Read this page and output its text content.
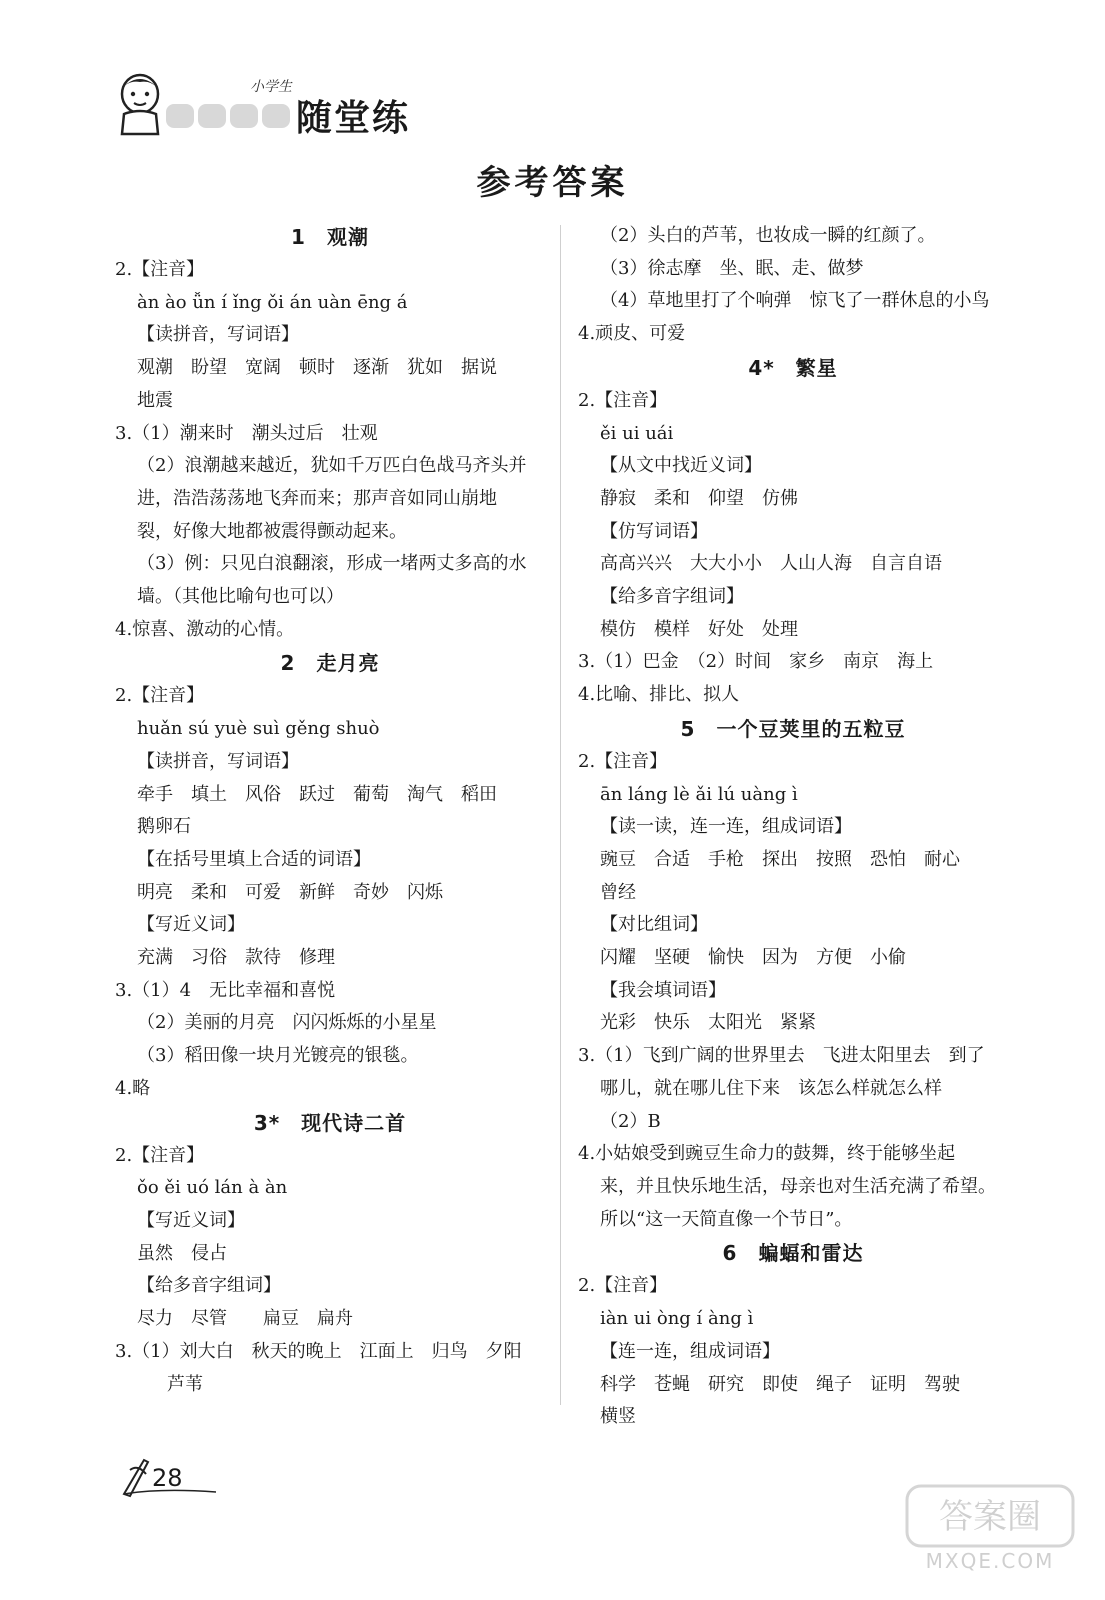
小学生
随堂练
参考答案

1　观潮

2.【注音】

àn ào ǚn í ǐng ǒi án uàn ēng á

【读拼音，写词语】

观潮　盼望　宽阔　顿时　逐渐　犹如　据说

地震

3.（1）潮来时　潮头过后　壮观

（2）浪潮越来越近，犹如千万匹白色战马齐头并

进，浩浩荡荡地飞奔而来；那声音如同山崩地

裂，好像大地都被震得颤动起来。

（3）例：只见白浪翻滚，形成一堵两丈多高的水

墙。（其他比喻句也可以）

4.惊喜、激动的心情。

2　走月亮

2.【注音】

huǎn sú yuè suì gěng shuò

【读拼音，写词语】

牵手　填土　风俗　跃过　葡萄　淘气　稻田

鹅卵石

【在括号里填上合适的词语】

明亮　柔和　可爱　新鲜　奇妙　闪烁

【写近义词】

充满　习俗　款待　修理

3.（1）4　无比幸福和喜悦

（2）美丽的月亮　闪闪烁烁的小星星

（3）稻田像一块月光镀亮的银毯。

4.略

3*　现代诗二首

2.【注音】

ǒo ěi uó lán à àn

【写近义词】

虽然　侵占

【给多音字组词】

尽力　尽管　　扁豆　扁舟

3.（1）刘大白　秋天的晚上　江面上　归鸟　夕阳

芦苇

（2）头白的芦苇，也妆成一瞬的红颜了。

（3）徐志摩　坐、眠、走、做梦

（4）草地里打了个响弹　惊飞了一群休息的小鸟

4.顽皮、可爱

4*　繁星

2.【注音】

ěi ui uái

【从文中找近义词】

静寂　柔和　仰望　仿佛

【仿写词语】

高高兴兴　大大小小　人山人海　自言自语

【给多音字组词】

模仿　模样　好处　处理

3.（1）巴金　（2）时间　家乡　南京　海上

4.比喻、排比、拟人

5　一个豆荚里的五粒豆

2.【注音】

ān láng lè ǎi lú uàng ì

【读一读，连一连，组成词语】

豌豆　合适　手枪　探出　按照　恐怕　耐心

曾经

【对比组词】

闪耀　坚硬　愉快　因为　方便　小偷

【我会填词语】

光彩　快乐　太阳光　紧紧

3.（1）飞到广阔的世界里去　飞进太阳里去　到了

哪儿，就在哪儿住下来　该怎么样就怎么样

（2）B

4.小姑娘受到豌豆生命力的鼓舞，终于能够坐起

来，并且快乐地生活，母亲也对生活充满了希望。

所以“这一天简直像一个节日”。

6　蝙蝠和雷达

2.【注音】

iàn ui òng í àng ì

【连一连，组成词语】

科学　苍蝇　研究　即使　绳子　证明　驾驶

横竖

28
答案圈
MXQE.COM
